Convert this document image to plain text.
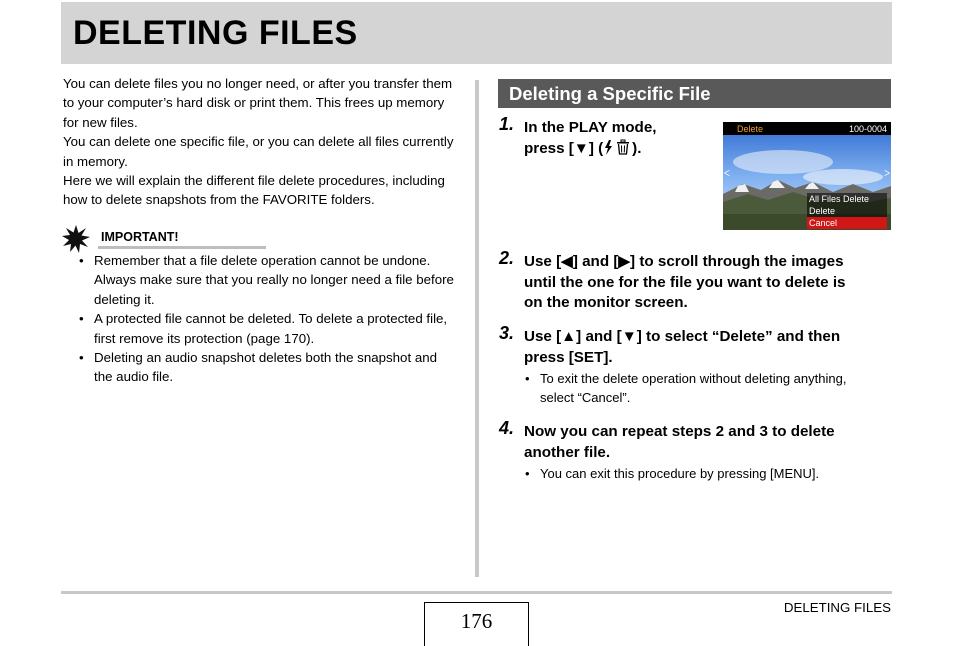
DELETING FILES

You can delete files you no longer need, or after you transfer them to your computer’s hard disk or print them. This frees up memory for new files.

You can delete one specific file, or you can delete all files currently in memory.

Here we will explain the different file delete procedures, including how to delete snapshots from the FAVORITE folders.

IMPORTANT!
• Remember that a file delete operation cannot be undone. Always make sure that you really no longer need a file before deleting it.
• A protected file cannot be deleted. To delete a protected file, first remove its protection (page 170).
• Deleting an audio snapshot deletes both the snapshot and the audio file.
Deleting a Specific File
1. In the PLAY mode,
press [▼] ( ).
Delete	100-0004
ᐸ	ᐳ
All Files Delete
Delete
Cancel
2. Use [◀] and [▶] to scroll through the images
until the one for the file you want to delete is
on the monitor screen.
3. Use [▲] and [▼] to select “Delete” and then
press [SET].
• To exit the delete operation without deleting anything,
select “Cancel”.
4. Now you can repeat steps 2 and 3 to delete
another file.
• You can exit this procedure by pressing [MENU].
176
DELETING FILES
